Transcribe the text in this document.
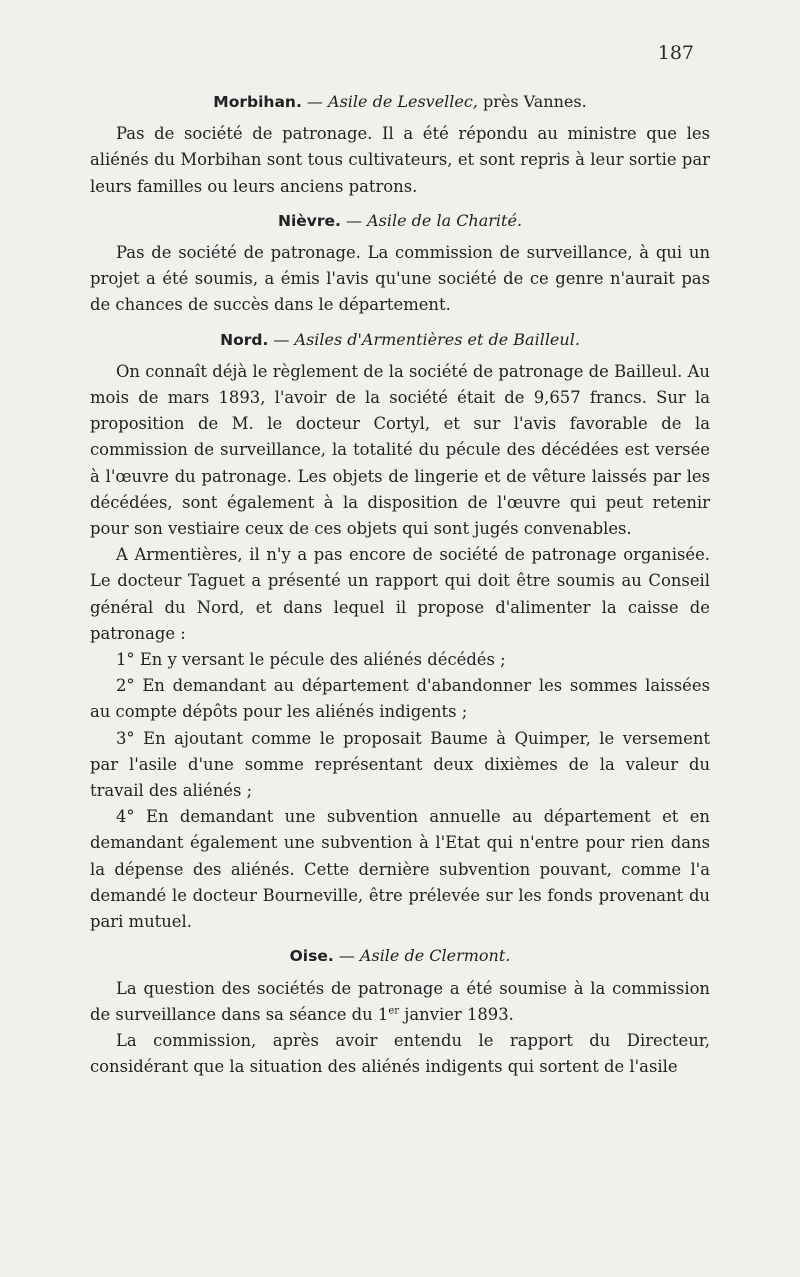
187
Morbihan. — Asile de Lesvellec, près Vannes.

Pas de société de patronage. Il a été répondu au ministre que les aliénés du Morbihan sont tous cultivateurs, et sont repris à leur sortie par leurs familles ou leurs anciens patrons.

Nièvre. — Asile de la Charité.

Pas de société de patronage. La commission de surveillance, à qui un projet a été soumis, a émis l'avis qu'une société de ce genre n'aurait pas de chances de succès dans le département.

Nord. — Asiles d'Armentières et de Bailleul.

On connaît déjà le règlement de la société de patronage de Bailleul. Au mois de mars 1893, l'avoir de la société était de 9,657 francs. Sur la proposition de M. le docteur Cortyl, et sur l'avis favorable de la commission de surveillance, la totalité du pécule des décédées est versée à l'œuvre du patronage. Les objets de lingerie et de vêture laissés par les décédées, sont également à la disposition de l'œuvre qui peut retenir pour son vestiaire ceux de ces objets qui sont jugés convenables.

A Armentières, il n'y a pas encore de société de patronage organisée. Le docteur Taguet a présenté un rapport qui doit être soumis au Conseil général du Nord, et dans lequel il propose d'alimenter la caisse de patronage :

1° En y versant le pécule des aliénés décédés ;

2° En demandant au département d'abandonner les sommes laissées au compte dépôts pour les aliénés indigents ;

3° En ajoutant comme le proposait Baume à Quimper, le versement par l'asile d'une somme représentant deux dixièmes de la valeur du travail des aliénés ;

4° En demandant une subvention annuelle au département et en demandant également une subvention à l'Etat qui n'entre pour rien dans la dépense des aliénés. Cette dernière subvention pouvant, comme l'a demandé le docteur Bourneville, être prélevée sur les fonds provenant du pari mutuel.

Oise. — Asile de Clermont.

La question des sociétés de patronage a été soumise à la commission de surveillance dans sa séance du 1er janvier 1893.

La commission, après avoir entendu le rapport du Directeur, considérant que la situation des aliénés indigents qui sortent de l'asile
